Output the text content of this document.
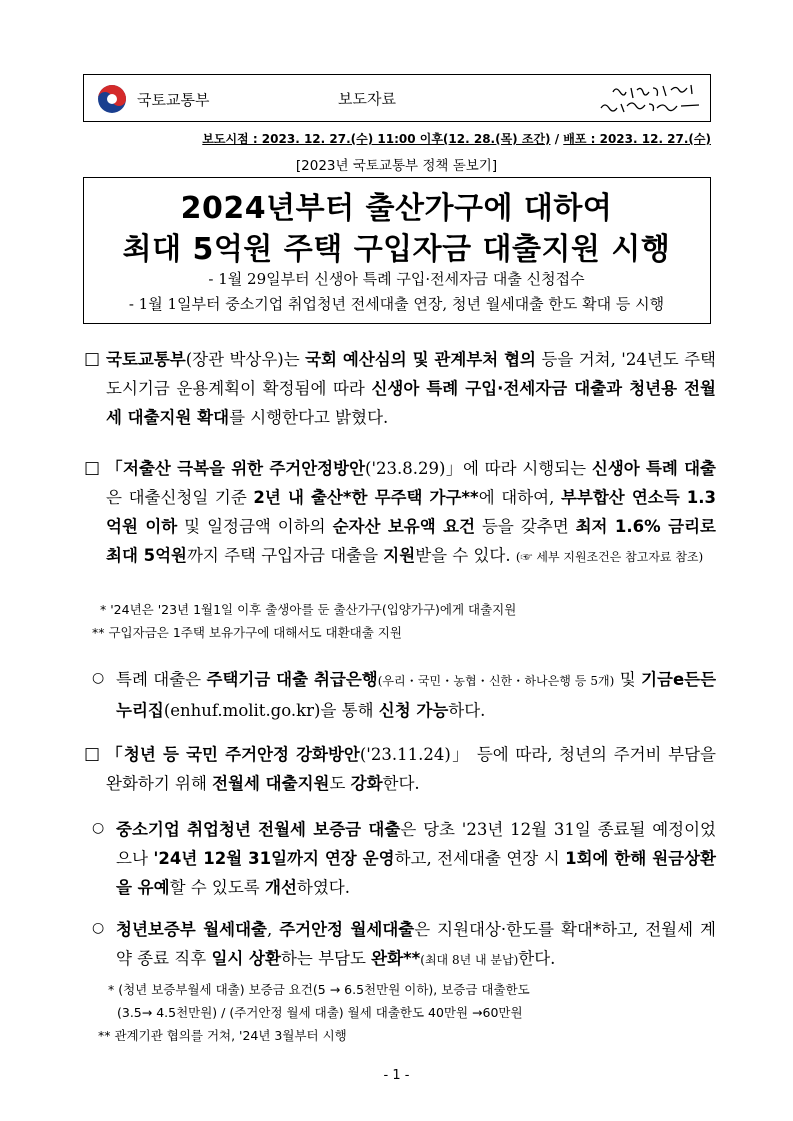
국토교통부	보도자료
보도시점 : 2023. 12. 27.(수) 11:00 이후(12. 28.(목) 조간) / 배포 : 2023. 12. 27.(수)
[2023년 국토교통부 정책 돋보기]
2024년부터 출산가구에 대하여
최대 5억원 주택 구입자금 대출지원 시행
- 1월 29일부터 신생아 특례 구입·전세자금 대출 신청접수
- 1월 1일부터 중소기업 취업청년 전세대출 연장, 청년 월세대출 한도 확대 등 시행
□ 국토교통부(장관 박상우)는 국회 예산심의 및 관계부처 협의 등을 거쳐, '24년도 주택도시기금 운용계획이 확정됨에 따라 신생아 특례 구입·전세자금 대출과 청년용 전월세 대출지원 확대를 시행한다고 밝혔다.
□ 「저출산 극복을 위한 주거안정방안('23.8.29)」에 따라 시행되는 신생아 특례 대출은 대출신청일 기준 2년 내 출산*한 무주택 가구**에 대하여, 부부합산 연소득 1.3억원 이하 및 일정금액 이하의 순자산 보유액 요건 등을 갖추면 최저 1.6% 금리로 최대 5억원까지 주택 구입자금 대출을 지원받을 수 있다. (☞ 세부 지원조건은 참고자료 참조)
* '24년은 '23년 1월1일 이후 출생아를 둔 출산가구(입양가구)에게 대출지원
** 구입자금은 1주택 보유가구에 대해서도 대환대출 지원
○ 특례 대출은 주택기금 대출 취급은행(우리・국민・농협・신한・하나은행 등 5개) 및 기금e든든 누리집(enhuf.molit.go.kr)을 통해 신청 가능하다.
□ 「청년 등 국민 주거안정 강화방안('23.11.24)」 등에 따라, 청년의 주거비 부담을 완화하기 위해 전월세 대출지원도 강화한다.
○ 중소기업 취업청년 전월세 보증금 대출은 당초 '23년 12월 31일 종료될 예정이었으나 '24년 12월 31일까지 연장 운영하고, 전세대출 연장 시 1회에 한해 원금상환을 유예할 수 있도록 개선하였다.
○ 청년보증부 월세대출, 주거안정 월세대출은 지원대상·한도를 확대*하고, 전월세 계약 종료 직후 일시 상환하는 부담도 완화**(최대 8년 내 분납)한다.
* (청년 보증부월세 대출) 보증금 요건(5 → 6.5천만원 이하), 보증금 대출한도
(3.5→ 4.5천만원) / (주거안정 월세 대출) 월세 대출한도 40만원 →60만원
** 관계기관 협의를 거쳐, '24년 3월부터 시행
- 1 -
